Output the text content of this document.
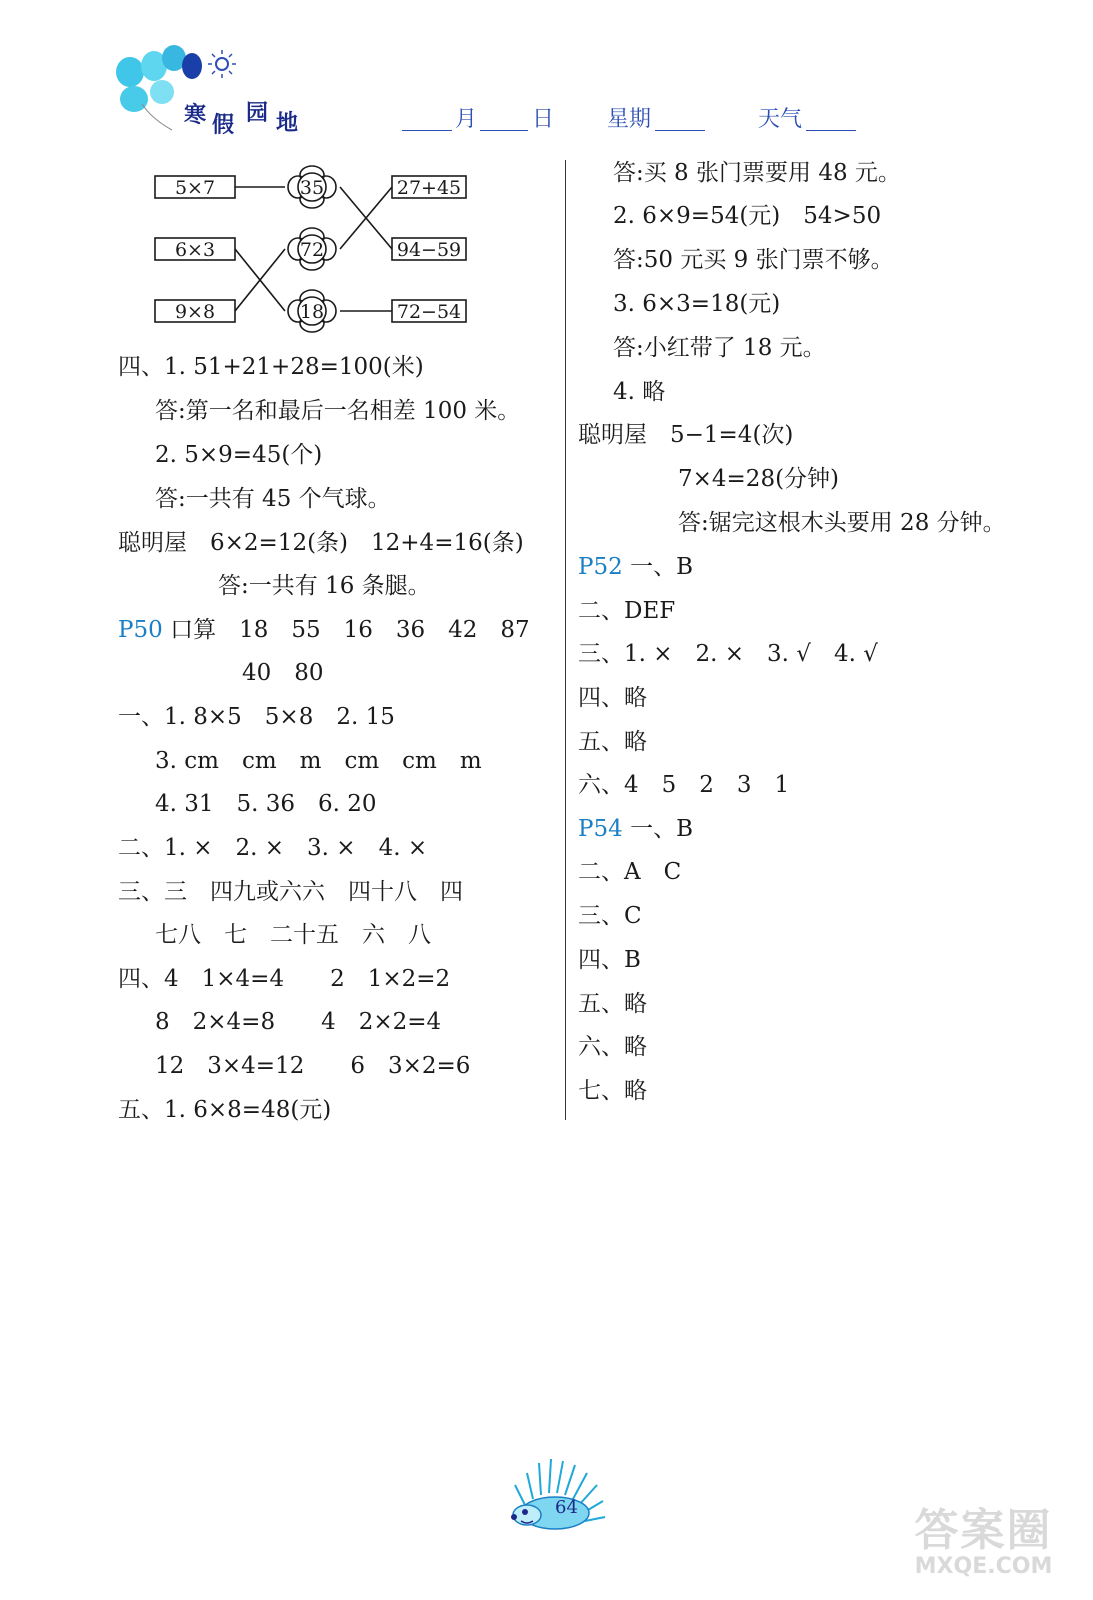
寒 假 园 地	月 日 星期	天气
5×7
6×3
9×8
35
72
18
27+45
94−59
72−54
四、1. 51+21+28=100(米)
答:第一名和最后一名相差 100 米。
2. 5×9=45(个)
答:一共有 45 个气球。
聪明屋　6×2=12(条)　12+4=16(条)
答:一共有 16 条腿。
P50 口算　18　55　16　36　42　87
40　80
一、1. 8×5　5×8　2. 15
3. cm　cm　m　cm　cm　m
4. 31　5. 36　6. 20
二、1. ×　2. ×　3. ×　4. ×
三、三　四九或六六　四十八　四
七八　七　二十五　六　八
四、4　1×4=4　　2　1×2=2
8　2×4=8　　4　2×2=4
12　3×4=12　　6　3×2=6
五、1. 6×8=48(元)
答:买 8 张门票要用 48 元。
2. 6×9=54(元)　54>50
答:50 元买 9 张门票不够。
3. 6×3=18(元)
答:小红带了 18 元。
4. 略
聪明屋　5−1=4(次)
7×4=28(分钟)
答:锯完这根木头要用 28 分钟。
P52 一、B
二、DEF
三、1. ×　2. ×　3. √　4. √
四、略
五、略
六、4　5　2　3　1
P54 一、B
二、A　C
三、C
四、B
五、略
六、略
七、略
64	答案圈
MXQE.COM
